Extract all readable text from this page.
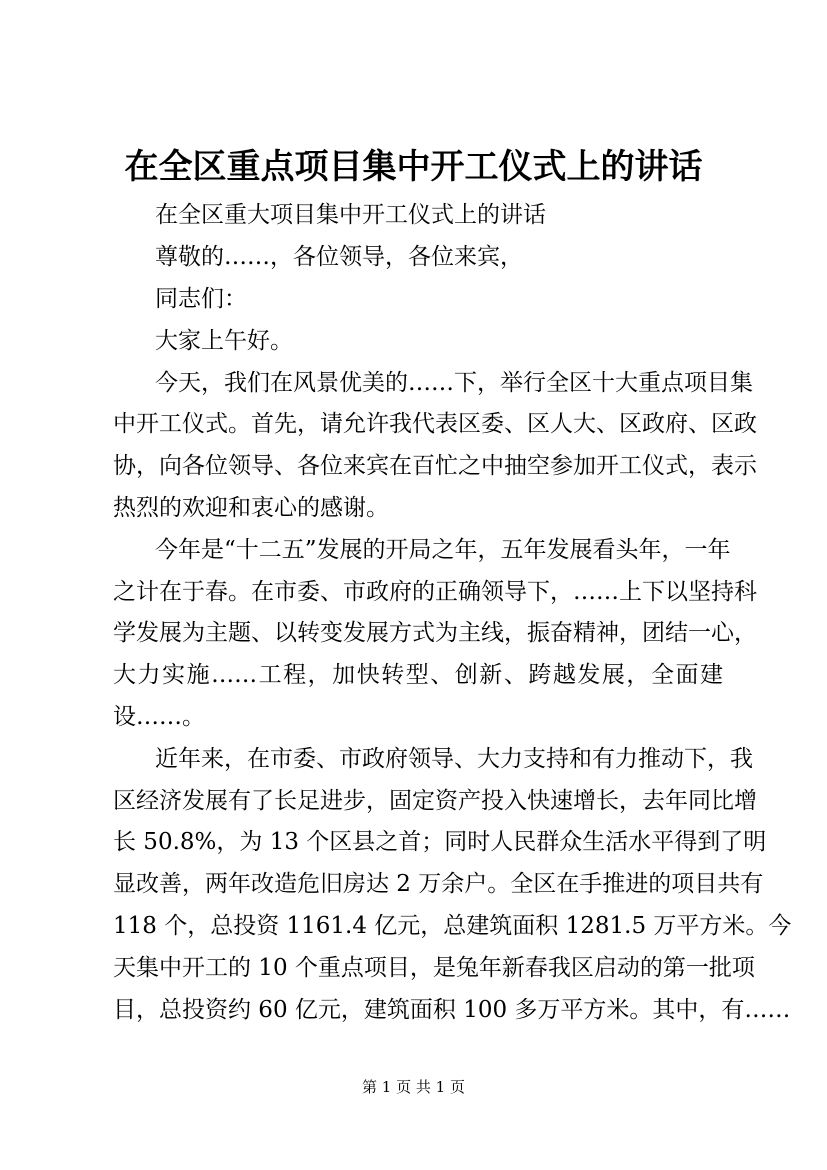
在全区重点项目集中开工仪式上的讲话
在全区重大项目集中开工仪式上的讲话
尊敬的……，各位领导，各位来宾，
同志们：
大家上午好。
今天，我们在风景优美的……下，举行全区十大重点项目集
中开工仪式。首先，请允许我代表区委、区人大、区政府、区政
协，向各位领导、各位来宾在百忙之中抽空参加开工仪式，表示
热烈的欢迎和衷心的感谢。
今年是“十二五”发展的开局之年，五年发展看头年，一年
之计在于春。在市委、市政府的正确领导下，……上下以坚持科
学发展为主题、以转变发展方式为主线，振奋精神，团结一心，
大力实施……工程，加快转型、创新、跨越发展，全面建
设……。
近年来，在市委、市政府领导、大力支持和有力推动下，我
区经济发展有了长足进步，固定资产投入快速增长，去年同比增
长 50.8%，为 13 个区县之首；同时人民群众生活水平得到了明
显改善，两年改造危旧房达 2 万余户。全区在手推进的项目共有
118 个，总投资 1161.4 亿元，总建筑面积 1281.5 万平方米。今
天集中开工的 10 个重点项目，是兔年新春我区启动的第一批项
目，总投资约 60 亿元，建筑面积 100 多万平方米。其中，有……
第 1 页 共 1 页
